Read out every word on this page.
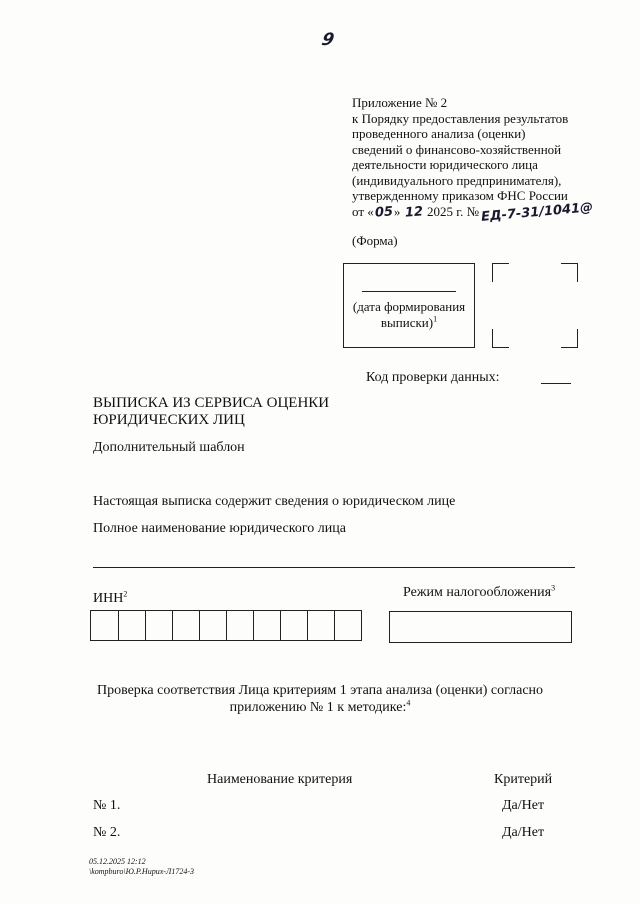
9
Приложение № 2
к Порядку предоставления результатов
проведенного анализа (оценки)
сведений о финансово-хозяйственной
деятельности юридического лица
(индивидуального предпринимателя),
утвержденному приказом ФНС России
от «05» 12 2025 г. № ЕД-7-31/1041@
(Форма)
(дата формирования
выписки)$^1$
Код проверки данных:
ВЫПИСКА ИЗ СЕРВИСА ОЦЕНКИ
ЮРИДИЧЕСКИХ ЛИЦ
Дополнительный шаблон
Настоящая выписка содержит сведения о юридическом лице
Полное наименование юридического лица
ИНН$^2$	Режим налогообложения$^3$
Проверка соответствия Лица критериям 1 этапа анализа (оценки) согласно
приложению № 1 к методике:$^4$
Наименование критерия	Критерий
№ 1.	Да/Нет
№ 2.	Да/Нет
05.12.2025 12:12
\kompburo\Ю.Р.Ниpux-Л1724-3
